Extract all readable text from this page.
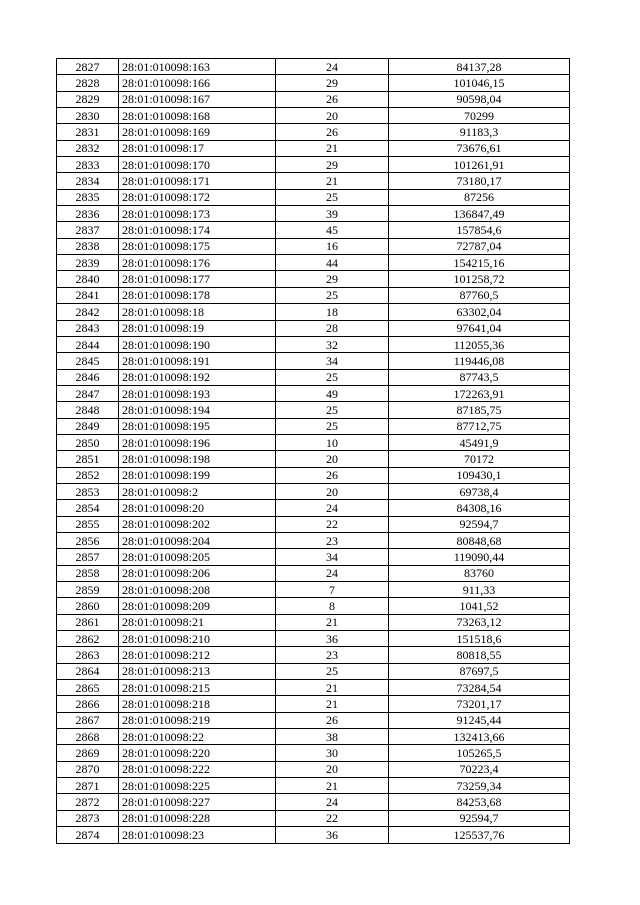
2827	28:01:010098:163	24	84137,28
2828	28:01:010098:166	29	101046,15
2829	28:01:010098:167	26	90598,04
2830	28:01:010098:168	20	70299
2831	28:01:010098:169	26	91183,3
2832	28:01:010098:17	21	73676,61
2833	28:01:010098:170	29	101261,91
2834	28:01:010098:171	21	73180,17
2835	28:01:010098:172	25	87256
2836	28:01:010098:173	39	136847,49
2837	28:01:010098:174	45	157854,6
2838	28:01:010098:175	16	72787,04
2839	28:01:010098:176	44	154215,16
2840	28:01:010098:177	29	101258,72
2841	28:01:010098:178	25	87760,5
2842	28:01:010098:18	18	63302,04
2843	28:01:010098:19	28	97641,04
2844	28:01:010098:190	32	112055,36
2845	28:01:010098:191	34	119446,08
2846	28:01:010098:192	25	87743,5
2847	28:01:010098:193	49	172263,91
2848	28:01:010098:194	25	87185,75
2849	28:01:010098:195	25	87712,75
2850	28:01:010098:196	10	45491,9
2851	28:01:010098:198	20	70172
2852	28:01:010098:199	26	109430,1
2853	28:01:010098:2	20	69738,4
2854	28:01:010098:20	24	84308,16
2855	28:01:010098:202	22	92594,7
2856	28:01:010098:204	23	80848,68
2857	28:01:010098:205	34	119090,44
2858	28:01:010098:206	24	83760
2859	28:01:010098:208	7	911,33
2860	28:01:010098:209	8	1041,52
2861	28:01:010098:21	21	73263,12
2862	28:01:010098:210	36	151518,6
2863	28:01:010098:212	23	80818,55
2864	28:01:010098:213	25	87697,5
2865	28:01:010098:215	21	73284,54
2866	28:01:010098:218	21	73201,17
2867	28:01:010098:219	26	91245,44
2868	28:01:010098:22	38	132413,66
2869	28:01:010098:220	30	105265,5
2870	28:01:010098:222	20	70223,4
2871	28:01:010098:225	21	73259,34
2872	28:01:010098:227	24	84253,68
2873	28:01:010098:228	22	92594,7
2874	28:01:010098:23	36	125537,76
